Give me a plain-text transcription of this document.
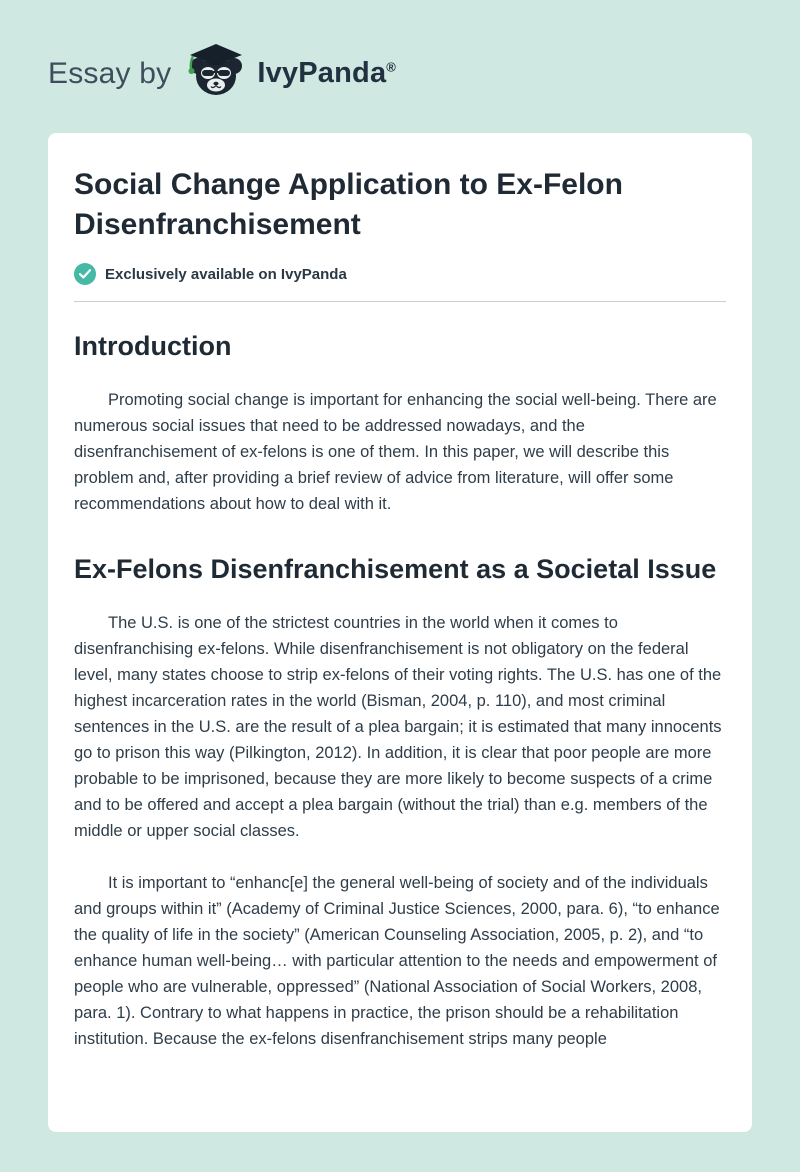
Essay by	IvyPanda®
Social Change Application to Ex-Felon Disenfranchisement
Exclusively available on IvyPanda
Introduction

Promoting social change is important for enhancing the social well-being. There are numerous social issues that need to be addressed nowadays, and the disenfranchisement of ex-felons is one of them. In this paper, we will describe this problem and, after providing a brief review of advice from literature, will offer some recommendations about how to deal with it.

Ex-Felons Disenfranchisement as a Societal Issue

The U.S. is one of the strictest countries in the world when it comes to disenfranchising ex-felons. While disenfranchisement is not obligatory on the federal level, many states choose to strip ex-felons of their voting rights. The U.S. has one of the highest incarceration rates in the world (Bisman, 2004, p. 110), and most criminal sentences in the U.S. are the result of a plea bargain; it is estimated that many innocents go to prison this way (Pilkington, 2012). In addition, it is clear that poor people are more probable to be imprisoned, because they are more likely to become suspects of a crime and to be offered and accept a plea bargain (without the trial) than e.g. members of the middle or upper social classes.

It is important to “enhanc[e] the general well-being of society and of the individuals and groups within it” (Academy of Criminal Justice Sciences, 2000, para. 6), “to enhance the quality of life in the society” (American Counseling Association, 2005, p. 2), and “to enhance human well-being… with particular attention to the needs and empowerment of people who are vulnerable, oppressed” (National Association of Social Workers, 2008, para. 1). Contrary to what happens in practice, the prison should be a rehabilitation institution. Because the ex-felons disenfranchisement strips many people
